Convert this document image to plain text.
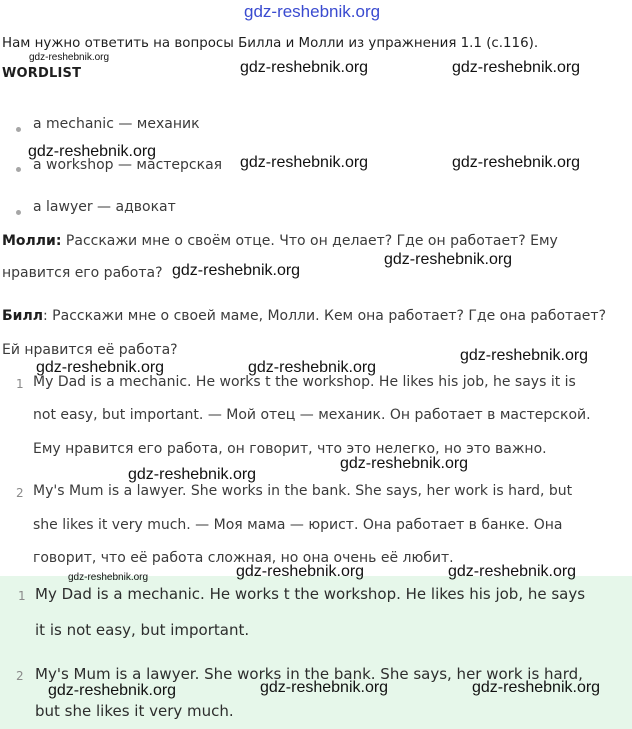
gdz-reshebnik.org
Нам нужно ответить на вопросы Билла и Молли из упражнения 1.1 (с.116).
WORDLIST
a mechanic — механик
a workshop — мастерская
a lawyer — адвокат
Молли: Расскажи мне о своём отце. Что он делает? Где он работает? Ему
нравится его работа?
Билл: Расскажи мне о своей маме, Молли. Кем она работает? Где она работает?
Ей нравится её работа?
1 My Dad is a mechanic. He works t the workshop. He likes his job, he says it is
not easy, but important. — Мой отец — механик. Он работает в мастерской.
Ему нравится его работа, он говорит, что это нелегко, но это важно.
2 My's Mum is a lawyer. She works in the bank. She says, her work is hard, but
she likes it very much. — Моя мама — юрист. Она работает в банке. Она
говорит, что её работа сложная, но она очень её любит.
1 My Dad is a mechanic. He works t the workshop. He likes his job, he says
it is not easy, but important.
2 My's Mum is a lawyer. She works in the bank. She says, her work is hard,
but she likes it very much.
gdz-reshebnik.org
gdz-reshebnik.org	gdz-reshebnik.org
gdz-reshebnik.org
gdz-reshebnik.org	gdz-reshebnik.org
gdz-reshebnik.org
gdz-reshebnik.org
gdz-reshebnik.org	gdz-reshebnik.org
gdz-reshebnik.org
gdz-reshebnik.org
gdz-reshebnik.org
gdz-reshebnik.org	gdz-reshebnik.org	gdz-reshebnik.org
gdz-reshebnik.org	gdz-reshebnik.org	gdz-reshebnik.org
